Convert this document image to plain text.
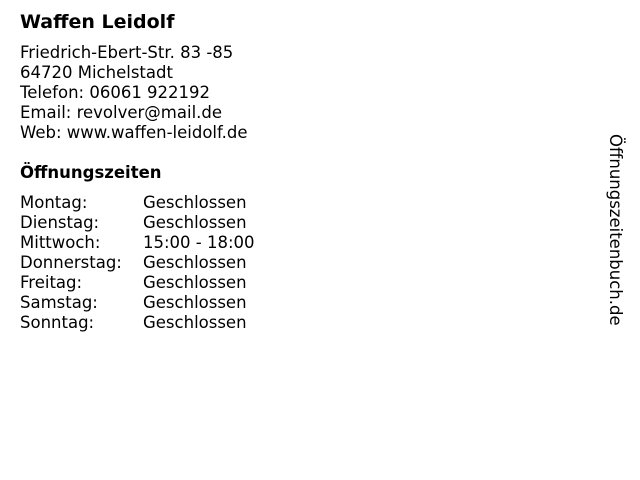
Waffen Leidolf
Friedrich-Ebert-Str. 83 -85
64720 Michelstadt
Telefon: 06061 922192
Email: revolver@mail.de
Web: www.waffen-leidolf.de
Öffnungszeiten
Montag:	Geschlossen
Dienstag:	Geschlossen
Mittwoch:	15:00 - 18:00
Donnerstag:	Geschlossen
Freitag:	Geschlossen
Samstag:	Geschlossen
Sonntag:	Geschlossen	Öffnungszeitenbuch.de
